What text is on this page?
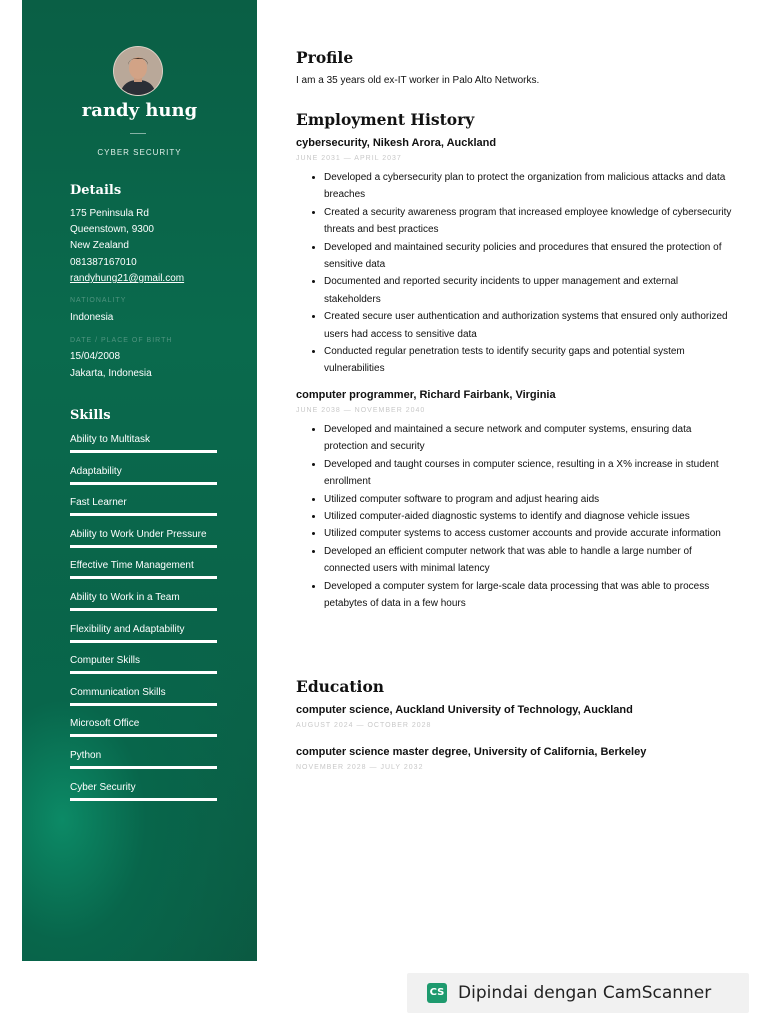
randy hung
CYBER SECURITY
Details
175 Peninsula Rd
Queenstown, 9300
New Zealand
081387167010
randyhung21@gmail.com
NATIONALITY
Indonesia
DATE / PLACE OF BIRTH
15/04/2008
Jakarta, Indonesia
Skills
Ability to Multitask
Adaptability
Fast Learner
Ability to Work Under Pressure
Effective Time Management
Ability to Work in a Team
Flexibility and Adaptability
Computer Skills
Communication Skills
Microsoft Office
Python
Cyber Security
Profile
I am a 35 years old ex-IT worker in Palo Alto Networks.
Employment History
cybersecurity, Nikesh Arora, Auckland
JUNE 2031 — APRIL 2037
• Developed a cybersecurity plan to protect the organization from malicious attacks and data breaches
• Created a security awareness program that increased employee knowledge of cybersecurity threats and best practices
• Developed and maintained security policies and procedures that ensured the protection of sensitive data
• Documented and reported security incidents to upper management and external stakeholders
• Created secure user authentication and authorization systems that ensured only authorized users had access to sensitive data
• Conducted regular penetration tests to identify security gaps and potential system vulnerabilities
computer programmer, Richard Fairbank, Virginia
JUNE 2038 — NOVEMBER 2040
• Developed and maintained a secure network and computer systems, ensuring data protection and security
• Developed and taught courses in computer science, resulting in a X% increase in student enrollment
• Utilized computer software to program and adjust hearing aids
• Utilized computer-aided diagnostic systems to identify and diagnose vehicle issues
• Utilized computer systems to access customer accounts and provide accurate information
• Developed an efficient computer network that was able to handle a large number of connected users with minimal latency
• Developed a computer system for large-scale data processing that was able to process petabytes of data in a few hours
Education
computer science, Auckland University of Technology, Auckland
AUGUST 2024 — OCTOBER 2028
computer science master degree, University of California, Berkeley
NOVEMBER 2028 — JULY 2032
CS Dipindai dengan CamScanner
